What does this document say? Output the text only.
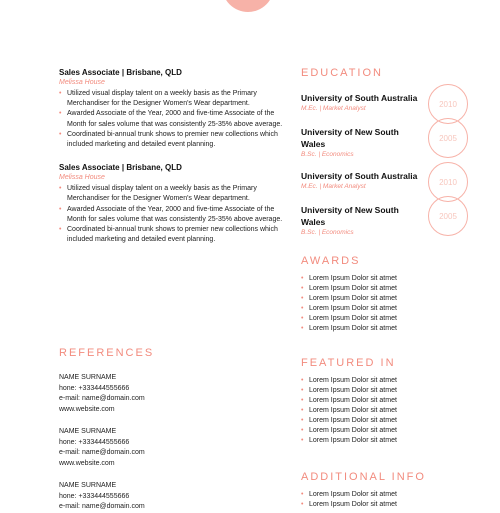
Sales Associate | Brisbane, QLD
Melissa House
• Utilized visual display talent on a weekly basis as the Primary Merchandiser for the Designer Women's Wear department.
• Awarded Associate of the Year, 2000 and five-time Associate of the Month for sales volume that was consistently 25-35% above average.
• Coordinated bi-annual trunk shows to premier new collections which included marketing and detailed event planning.
Sales Associate | Brisbane, QLD
Melissa House
• Utilized visual display talent on a weekly basis as the Primary Merchandiser for the Designer Women's Wear department.
• Awarded Associate of the Year, 2000 and five-time Associate of the Month for sales volume that was consistently 25-35% above average.
• Coordinated bi-annual trunk shows to premier new collections which included marketing and detailed event planning.
REFERENCES
NAME SURNAME
hone: +333444555666
e-mail: name@domain.com
www.website.com
NAME SURNAME
hone: +333444555666
e-mail: name@domain.com
www.website.com
NAME SURNAME
hone: +333444555666
e-mail: name@domain.com
EDUCATION
University of South Australia
M.Ec. | Market Analyst	2010
University of New South Wales
B.Sc. | Economics
2005
University of South Australia
M.Ec. | Market Analyst	2010
University of New South Wales
B.Sc. | Economics
2005
AWARDS
• Lorem Ipsum Dolor sit atmet
• Lorem Ipsum Dolor sit atmet
• Lorem Ipsum Dolor sit atmet
• Lorem Ipsum Dolor sit atmet
• Lorem Ipsum Dolor sit atmet
• Lorem Ipsum Dolor sit atmet
FEATURED IN
• Lorem Ipsum Dolor sit atmet
• Lorem Ipsum Dolor sit atmet
• Lorem Ipsum Dolor sit atmet
• Lorem Ipsum Dolor sit atmet
• Lorem Ipsum Dolor sit atmet
• Lorem Ipsum Dolor sit atmet
• Lorem Ipsum Dolor sit atmet
ADDITIONAL INFO
• Lorem Ipsum Dolor sit atmet
• Lorem Ipsum Dolor sit atmet
